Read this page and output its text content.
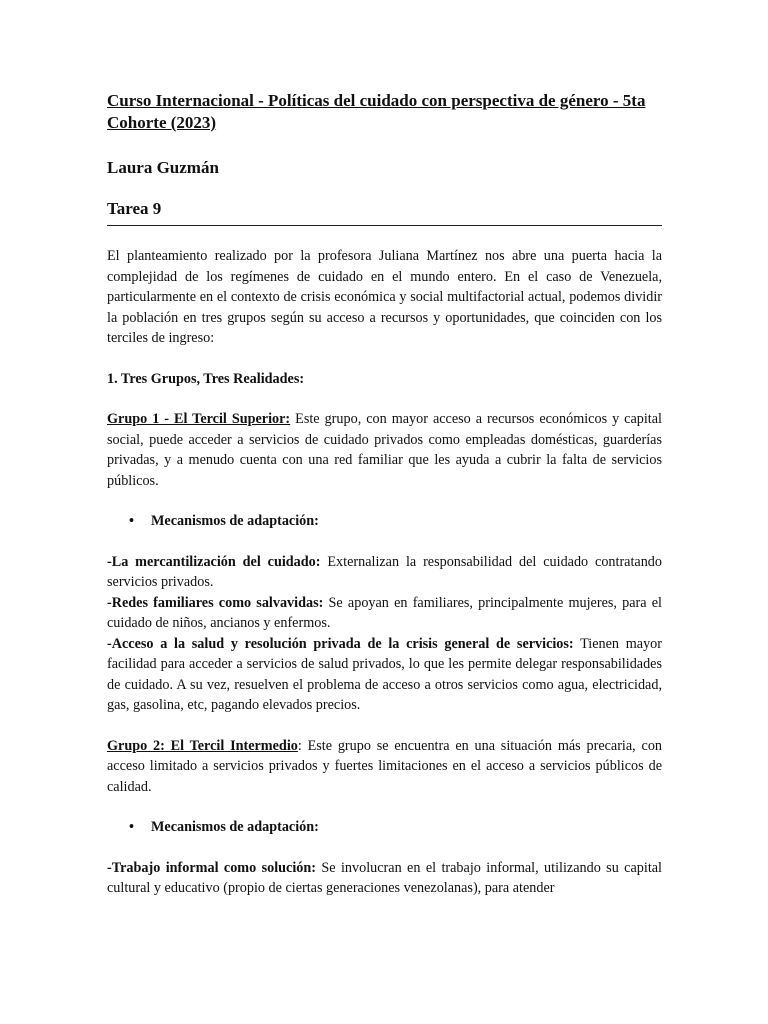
Curso Internacional - Políticas del cuidado con perspectiva de género - 5ta Cohorte (2023)
Laura Guzmán
Tarea 9

El planteamiento realizado por la profesora Juliana Martínez nos abre una puerta hacia la complejidad de los regímenes de cuidado en el mundo entero. En el caso de Venezuela, particularmente en el contexto de crisis económica y social multifactorial actual, podemos dividir la población en tres grupos según su acceso a recursos y oportunidades, que coinciden con los terciles de ingreso:

1. Tres Grupos, Tres Realidades:

Grupo 1 - El Tercil Superior: Este grupo, con mayor acceso a recursos económicos y capital social, puede acceder a servicios de cuidado privados como empleadas domésticas, guarderías privadas, y a menudo cuenta con una red familiar que les ayuda a cubrir la falta de servicios públicos.

• Mecanismos de adaptación:

-La mercantilización del cuidado: Externalizan la responsabilidad del cuidado contratando servicios privados.

-Redes familiares como salvavidas: Se apoyan en familiares, principalmente mujeres, para el cuidado de niños, ancianos y enfermos.

-Acceso a la salud y resolución privada de la crisis general de servicios: Tienen mayor facilidad para acceder a servicios de salud privados, lo que les permite delegar responsabilidades de cuidado. A su vez, resuelven el problema de acceso a otros servicios como agua, electricidad, gas, gasolina, etc, pagando elevados precios.

Grupo 2: El Tercil Intermedio: Este grupo se encuentra en una situación más precaria, con acceso limitado a servicios privados y fuertes limitaciones en el acceso a servicios públicos de calidad.

• Mecanismos de adaptación:

-Trabajo informal como solución: Se involucran en el trabajo informal, utilizando su capital cultural y educativo (propio de ciertas generaciones venezolanas), para atender
